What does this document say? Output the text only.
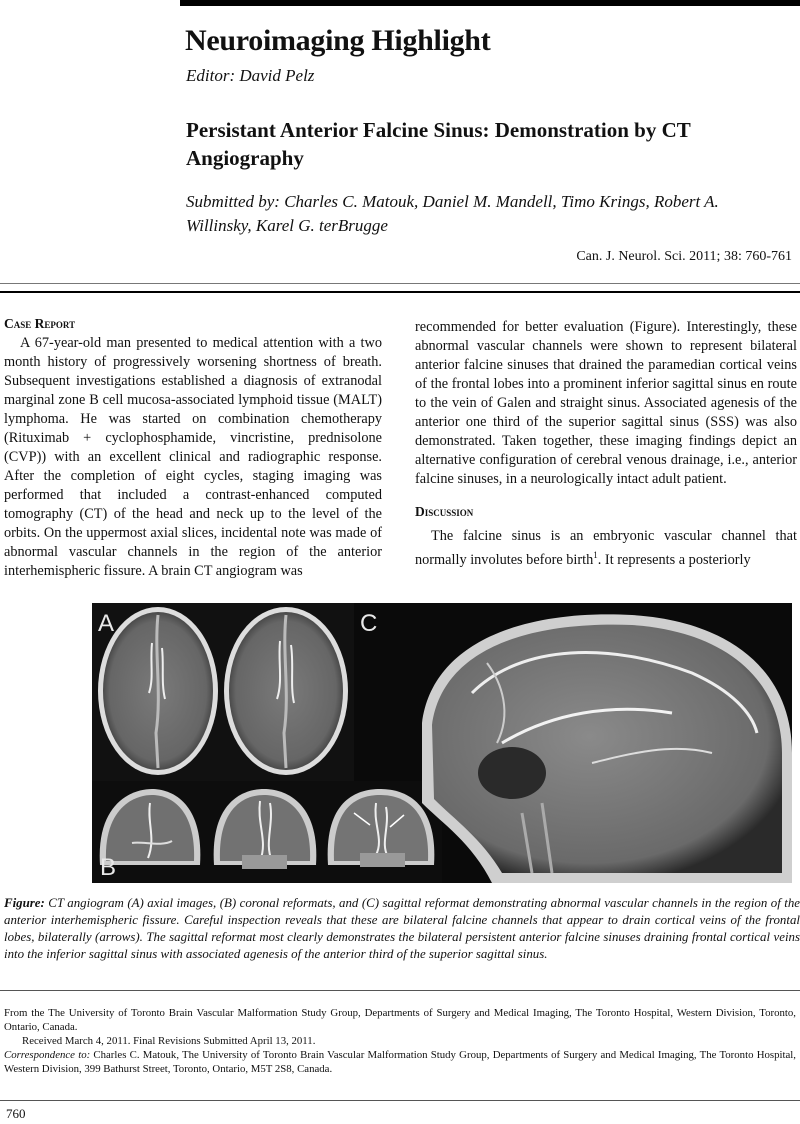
Neuroimaging Highlight
Editor: David Pelz
Persistant Anterior Falcine Sinus: Demonstration by CT Angiography
Submitted by: Charles C. Matouk, Daniel M. Mandell, Timo Krings, Robert A. Willinsky, Karel G. terBrugge
Can. J. Neurol. Sci. 2011; 38: 760-761
Case Report
A 67-year-old man presented to medical attention with a two month history of progressively worsening shortness of breath. Subsequent investigations established a diagnosis of extranodal marginal zone B cell mucosa-associated lymphoid tissue (MALT) lymphoma. He was started on combination chemotherapy (Rituximab + cyclophosphamide, vincristine, prednisolone (CVP)) with an excellent clinical and radiographic response. After the completion of eight cycles, staging imaging was performed that included a contrast-enhanced computed tomography (CT) of the head and neck up to the level of the orbits. On the uppermost axial slices, incidental note was made of abnormal vascular channels in the region of the anterior interhemispheric fissure. A brain CT angiogram was
recommended for better evaluation (Figure). Interestingly, these abnormal vascular channels were shown to represent bilateral anterior falcine sinuses that drained the paramedian cortical veins of the frontal lobes into a prominent inferior sagittal sinus en route to the vein of Galen and straight sinus. Associated agenesis of the anterior one third of the superior sagittal sinus (SSS) was also demonstrated. Taken together, these imaging findings depict an alternative configuration of cerebral venous drainage, i.e., anterior falcine sinuses, in a neurologically intact adult patient.
Discussion
The falcine sinus is an embryonic vascular channel that normally involutes before birth$^1$. It represents a posteriorly
A
B
C
Figure: CT angiogram (A) axial images, (B) coronal reformats, and (C) sagittal reformat demonstrating abnormal vascular channels in the region of the anterior interhemispheric fissure. Careful inspection reveals that these are bilateral falcine channels that appear to drain cortical veins of the frontal lobes, bilaterally (arrows). The sagittal reformat most clearly demonstrates the bilateral persistent anterior falcine sinuses draining frontal cortical veins into the inferior sagittal sinus with associated agenesis of the anterior third of the superior sagittal sinus.

From the The University of Toronto Brain Vascular Malformation Study Group, Departments of Surgery and Medical Imaging, The Toronto Hospital, Western Division, Toronto, Ontario, Canada.

Received March 4, 2011. Final Revisions Submitted April 13, 2011.

Correspondence to: Charles C. Matouk, The University of Toronto Brain Vascular Malformation Study Group, Departments of Surgery and Medical Imaging, The Toronto Hospital, Western Division, 399 Bathurst Street, Toronto, Ontario, M5T 2S8, Canada.

760
